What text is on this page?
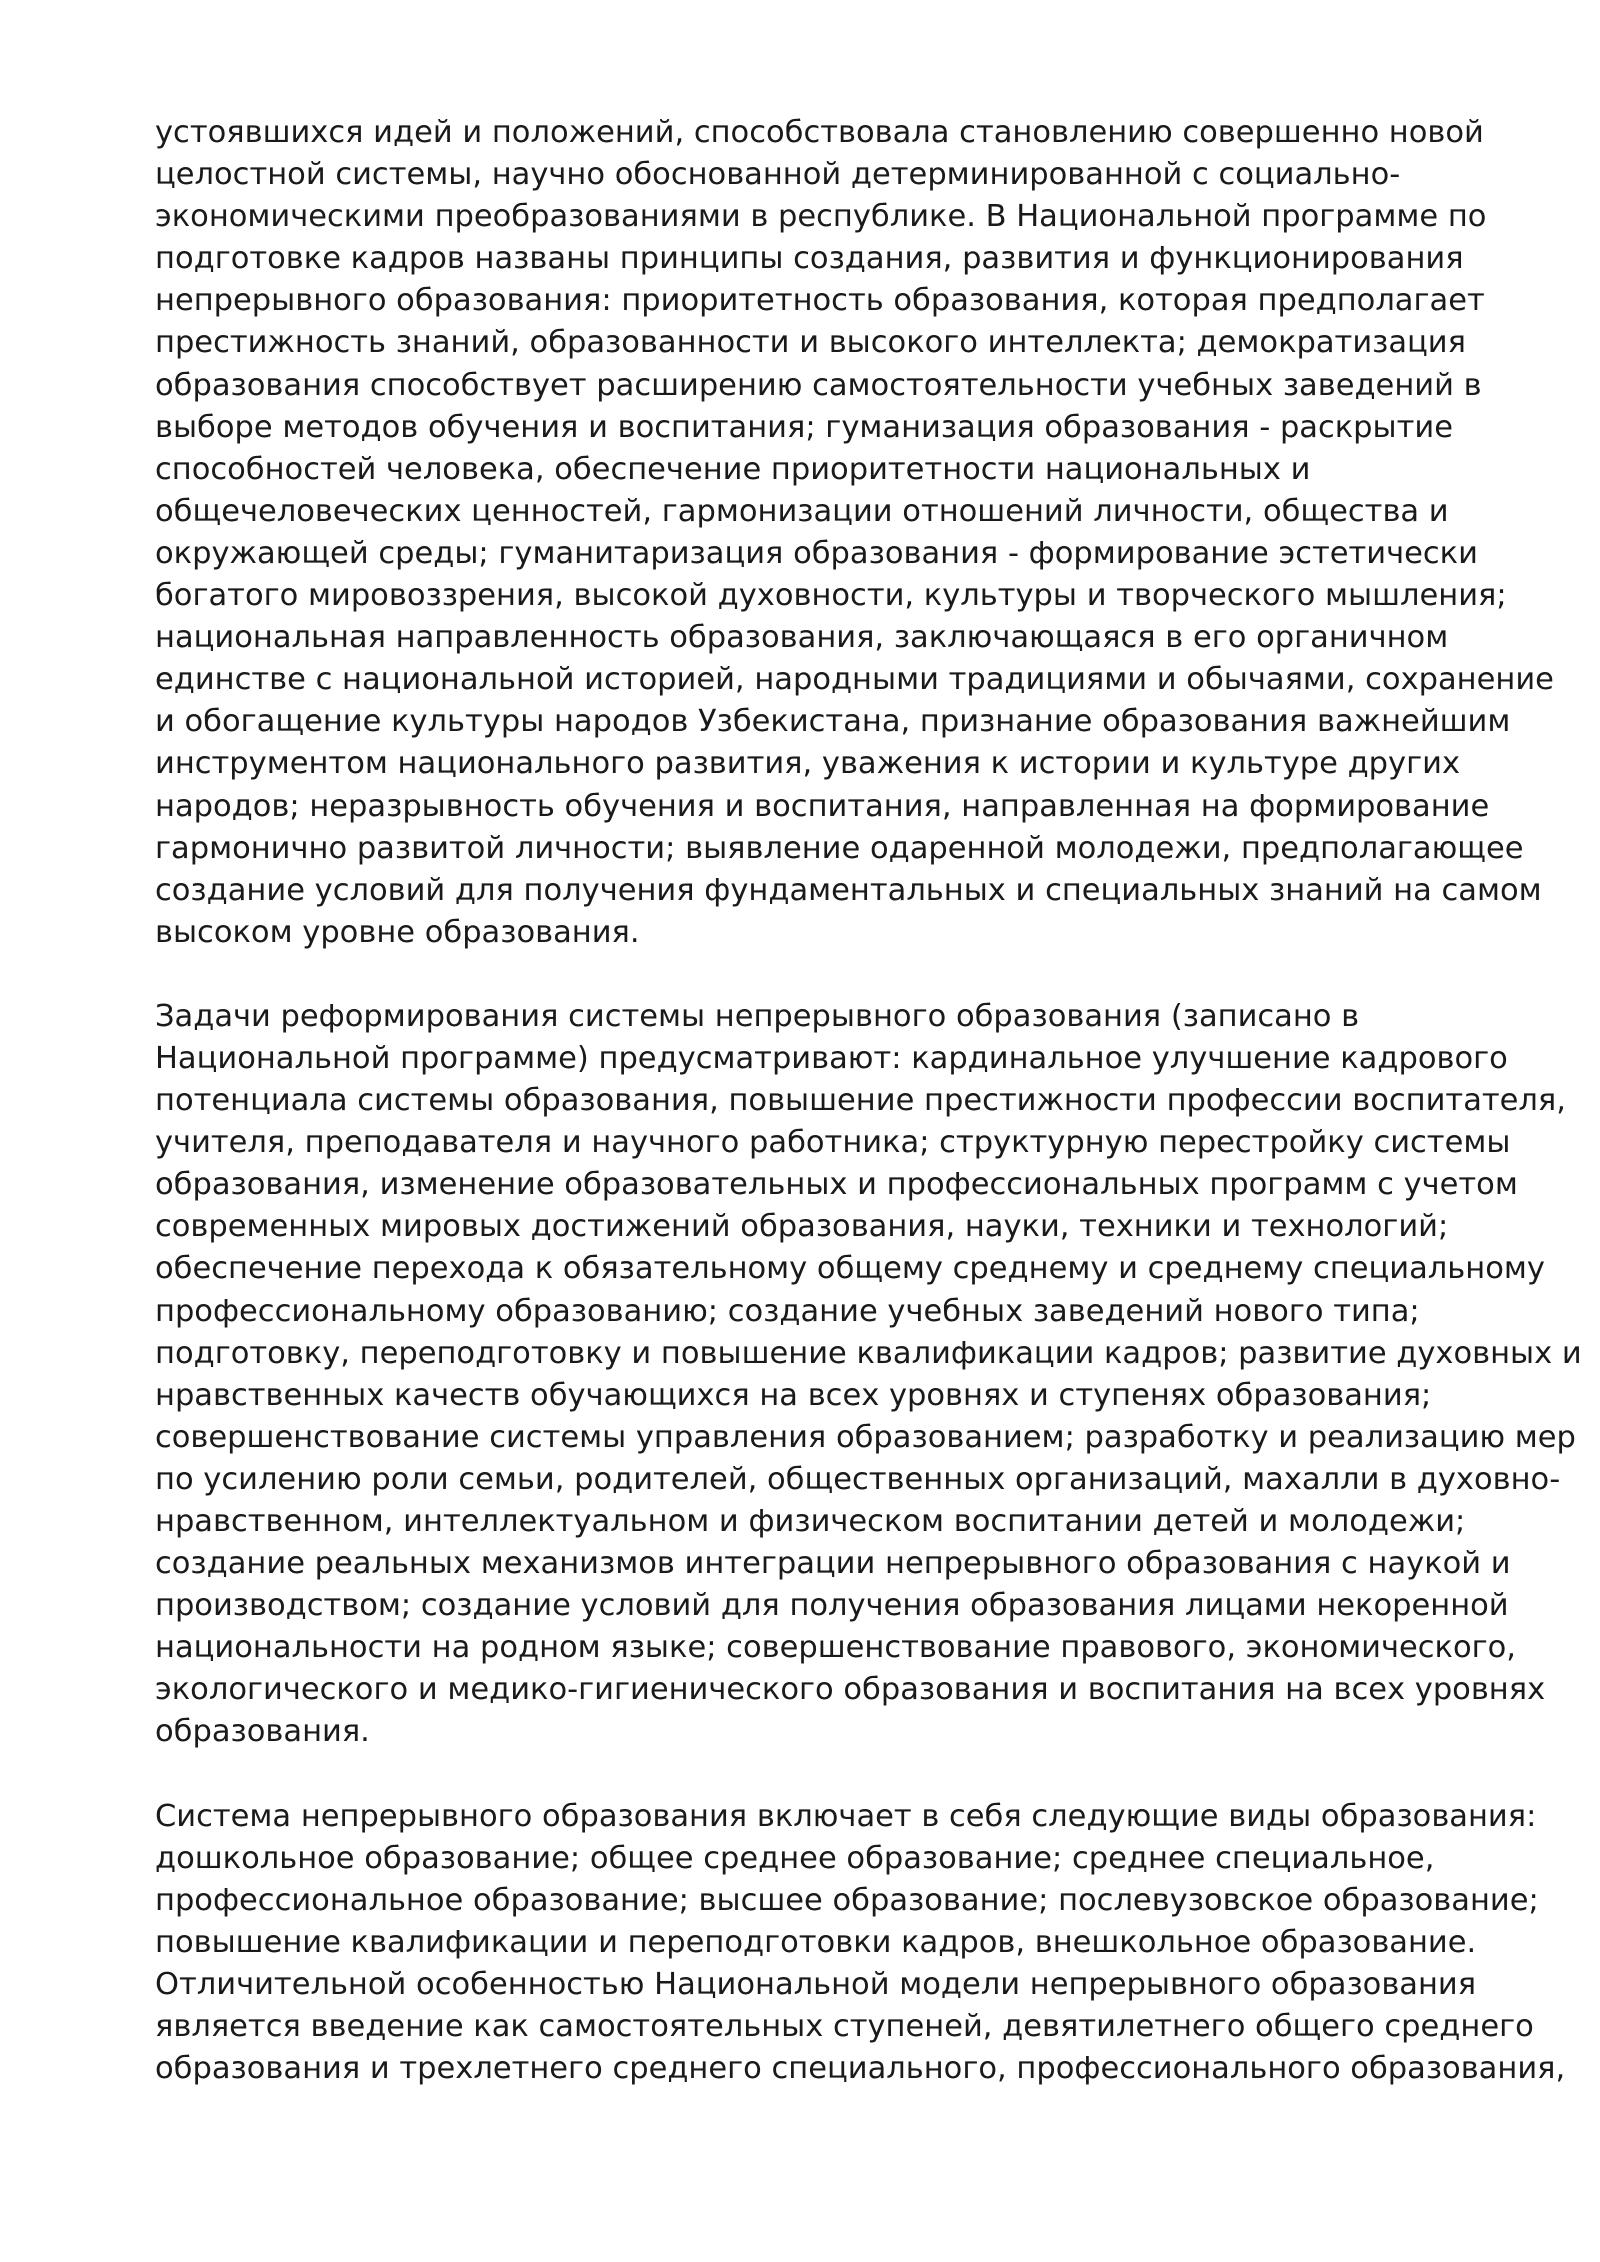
устоявшихся идей и положений, способствовала становлению совершенно новой
целостной системы, научно обоснованной детерминированной с социально-
экономическими преобразованиями в республике. В Национальной программе по
подготовке кадров названы принципы создания, развития и функционирования
непрерывного образования: приоритетность образования, которая предполагает
престижность знаний, образованности и высокого интеллекта; демократизация
образования способствует расширению самостоятельности учебных заведений в
выборе методов обучения и воспитания; гуманизация образования - раскрытие
способностей человека, обеспечение приоритетности национальных и
общечеловеческих ценностей, гармонизации отношений личности, общества и
окружающей среды; гуманитаризация образования - формирование эстетически
богатого мировоззрения, высокой духовности, культуры и творческого мышления;
национальная направленность образования, заключающаяся в его органичном
единстве с национальной историей, народными традициями и обычаями, сохранение
и обогащение культуры народов Узбекистана, признание образования важнейшим
инструментом национального развития, уважения к истории и культуре других
народов; неразрывность обучения и воспитания, направленная на формирование
гармонично развитой личности; выявление одаренной молодежи, предполагающее
создание условий для получения фундаментальных и специальных знаний на самом
высоком уровне образования.
Задачи реформирования системы непрерывного образования (записано в
Национальной программе) предусматривают: кардинальное улучшение кадрового
потенциала системы образования, повышение престижности профессии воспитателя,
учителя, преподавателя и научного работника; структурную перестройку системы
образования, изменение образовательных и профессиональных программ с учетом
современных мировых достижений образования, науки, техники и технологий;
обеспечение перехода к обязательному общему среднему и среднему специальному
профессиональному образованию; создание учебных заведений нового типа;
подготовку, переподготовку и повышение квалификации кадров; развитие духовных и
нравственных качеств обучающихся на всех уровнях и ступенях образования;
совершенствование системы управления образованием; разработку и реализацию мер
по усилению роли семьи, родителей, общественных организаций, махалли в духовно-
нравственном, интеллектуальном и физическом воспитании детей и молодежи;
создание реальных механизмов интеграции непрерывного образования с наукой и
производством; создание условий для получения образования лицами некоренной
национальности на родном языке; совершенствование правового, экономического,
экологического и медико-гигиенического образования и воспитания на всех уровнях
образования.
Система непрерывного образования включает в себя следующие виды образования:
дошкольное образование; общее среднее образование; среднее специальное,
профессиональное образование; высшее образование; послевузовское образование;
повышение квалификации и переподготовки кадров, внешкольное образование.
Отличительной особенностью Национальной модели непрерывного образования
является введение как самостоятельных ступеней, девятилетнего общего среднего
образования и трехлетнего среднего специального, профессионального образования,
